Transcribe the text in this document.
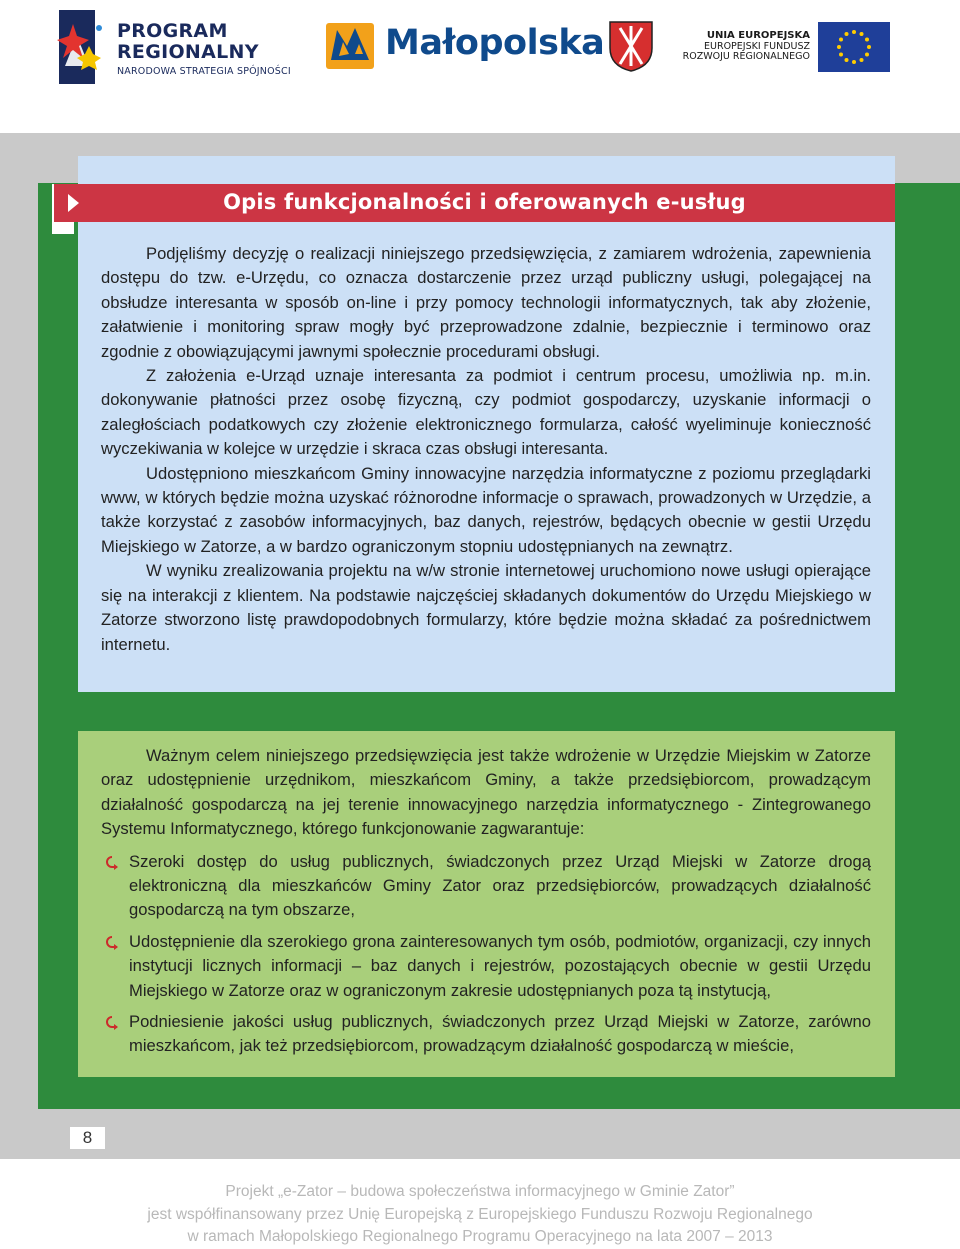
PROGRAM
REGIONALNY
NARODOWA STRATEGIA SPÓJNOŚCI
Małopolska	UNIA EUROPEJSKA
EUROPEJSKI FUNDUSZ
ROZWOJU REGIONALNEGO
Opis funkcjonalności i oferowanych e-usług

Podjęliśmy decyzję o realizacji niniejszego przedsięwzięcia, z zamiarem wdrożenia, zapewnienia dostępu do tzw. e-Urzędu, co oznacza dostarczenie przez urząd publiczny usługi, polegającej na obsłudze interesanta w sposób on-line i przy pomocy technologii informatycznych, tak aby złożenie, załatwienie i monitoring spraw mogły być przeprowadzone zdalnie, bezpiecznie i terminowo oraz zgodnie z obowiązującymi jawnymi społecznie procedurami obsługi.

Z założenia e-Urząd uznaje interesanta za podmiot i centrum procesu, umożliwia np. m.in. dokonywanie płatności przez osobę fizyczną, czy podmiot gospodarczy, uzyskanie informacji o zaległościach podatkowych czy złożenie elektronicznego formularza, całość wyeliminuje konieczność wyczekiwania w kolejce w urzędzie i skraca czas obsługi interesanta.

Udostępniono mieszkańcom Gminy innowacyjne narzędzia informatyczne z poziomu przeglądarki www, w których będzie można uzyskać różnorodne informacje o sprawach, prowadzonych w Urzędzie, a także korzystać z zasobów informacyjnych, baz danych, rejestrów, będących obecnie w gestii Urzędu Miejskiego w Zatorze, a w bardzo ograniczonym stopniu udostępnianych na zewnątrz.

W wyniku zrealizowania projektu na w/w stronie internetowej uruchomiono nowe usługi opierające się na interakcji z klientem. Na podstawie najczęściej składanych dokumentów do Urzędu Miejskiego w Zatorze stworzono listę prawdopodobnych formularzy, które będzie można składać za pośrednictwem internetu.

Ważnym celem niniejszego przedsięwzięcia jest także wdrożenie w Urzędzie Miejskim w Zatorze oraz udostępnienie urzędnikom, mieszkańcom Gminy, a także przedsiębiorcom, prowadzącym działalność gospodarczą na jej terenie innowacyjnego narzędzia informatycznego - Zintegrowanego Systemu Informatycznego, którego funkcjonowanie zagwarantuje:

Szeroki dostęp do usług publicznych, świadczonych przez Urząd Miejski w Zatorze drogą elektroniczną dla mieszkańców Gminy Zator oraz przedsiębiorców, prowadzących działalność gospodarczą na tym obszarze,
Udostępnienie dla szerokiego grona zainteresowanych tym osób, podmiotów, organizacji, czy innych instytucji licznych informacji – baz danych i rejestrów, pozostających obecnie w gestii Urzędu Miejskiego w Zatorze oraz w ograniczonym zakresie udostępnianych poza tą instytucją,
Podniesienie jakości usług publicznych, świadczonych przez Urząd Miejski w Zatorze, zarówno mieszkańcom, jak też przedsiębiorcom, prowadzącym działalność gospodarczą w mieście,
8
Projekt „e-Zator – budowa społeczeństwa informacyjnego w Gminie Zator”
jest współfinansowany przez Unię Europejską z Europejskiego Funduszu Rozwoju Regionalnego
w ramach Małopolskiego Regionalnego Programu Operacyjnego na lata 2007 – 2013
